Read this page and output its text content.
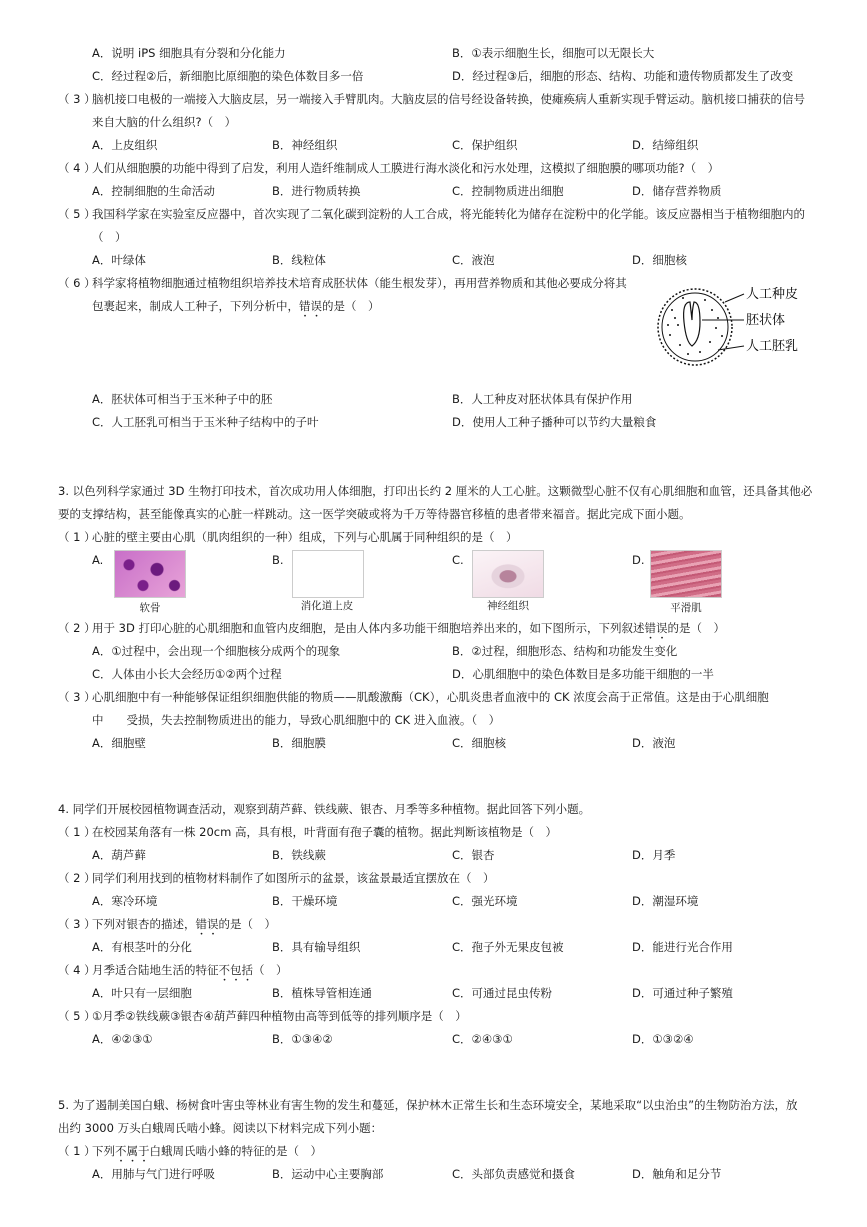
A．说明 iPS 细胞具有分裂和分化能力	B．①表示细胞生长，细胞可以无限长大
C．经过程②后，新细胞比原细胞的染色体数目多一倍	D．经过程③后，细胞的形态、结构、功能和遗传物质都发生了改变
（ 3 ）
脑机接口电极的一端接入大脑皮层，另一端接入手臂肌肉。大脑皮层的信号经设备转换，使瘫痪病人重新实现手臂运动。脑机接口捕获的信号
来自大脑的什么组织?（　）
A．上皮组织	B．神经组织	C．保护组织	D．结缔组织
（ 4 ）
人们从细胞膜的功能中得到了启发，利用人造纤维制成人工膜进行海水淡化和污水处理，这模拟了细胞膜的哪项功能?（　）
A．控制细胞的生命活动	B．进行物质转换	C．控制物质进出细胞	D．储存营养物质
（ 5 ）
我国科学家在实验室反应器中，首次实现了二氧化碳到淀粉的人工合成，将光能转化为储存在淀粉中的化学能。该反应器相当于植物细胞内的
（　）
A．叶绿体	B．线粒体	C．液泡	D．细胞核
（ 6 ）
科学家将植物细胞通过植物组织培养技术培育成胚状体（能生根发芽），再用营养物质和其他必要成分将其
包裹起来，制成人工种子，下列分析中，错误的是（　）
人工种皮
胚状体
人工胚乳
A．胚状体可相当于玉米种子中的胚	B．人工种皮对胚状体具有保护作用
C．人工胚乳可相当于玉米种子结构中的子叶	D．使用人工种子播种可以节约大量粮食
3. 以色列科学家通过 3D 生物打印技术，首次成功用人体细胞，打印出长约 2 厘米的人工心脏。这颗微型心脏不仅有心肌细胞和血管，还具备其他必
要的支撑结构，甚至能像真实的心脏一样跳动。这一医学突破或将为千万等待器官移植的患者带来福音。据此完成下面小题。
（ 1 ）
心脏的壁主要由心肌（肌肉组织的一种）组成，下列与心肌属于同种组织的是（　）
A.
软骨
B.
消化道上皮
C.
神经组织
D.
平滑肌
（ 2 ）
用于 3D 打印心脏的心肌细胞和血管内皮细胞，是由人体内多功能干细胞培养出来的，如下图所示，下列叙述错误的是（　）
A．①过程中，会出现一个细胞核分成两个的现象	B．②过程，细胞形态、结构和功能发生变化
C．人体由小长大会经历①②两个过程	D．心肌细胞中的染色体数目是多功能干细胞的一半
（ 3 ）
心肌细胞中有一种能够保证组织细胞供能的物质——肌酸激酶（CK），心肌炎患者血液中的 CK 浓度会高于正常值。这是由于心肌细胞
中　　受损，失去控制物质进出的能力，导致心肌细胞中的 CK 进入血液。（　）
A．细胞壁	B．细胞膜	C．细胞核	D．液泡
4. 同学们开展校园植物调查活动，观察到葫芦藓、铁线蕨、银杏、月季等多种植物。据此回答下列小题。
（ 1 ）
在校园某角落有一株 20cm 高，具有根，叶背面有孢子囊的植物。据此判断该植物是（　）
A．葫芦藓	B．铁线蕨	C．银杏	D．月季
（ 2 ）
同学们利用找到的植物材料制作了如图所示的盆景，该盆景最适宜摆放在（　）
A．寒冷环境	B．干燥环境	C．强光环境	D．潮湿环境
（ 3 ）
下列对银杏的描述，错误的是（　）
A．有根茎叶的分化	B．具有输导组织	C．孢子外无果皮包被	D．能进行光合作用
（ 4 ）
月季适合陆地生活的特征不包括（　）
A．叶只有一层细胞	B．植株导管相连通	C．可通过昆虫传粉	D．可通过种子繁殖
（ 5 ）
①月季②铁线蕨③银杏④葫芦藓四种植物由高等到低等的排列顺序是（　）
A．④②③①	B．①③④②	C．②④③①	D．①③②④
5. 为了遏制美国白蛾、杨树食叶害虫等林业有害生物的发生和蔓延，保护林木正常生长和生态环境安全，某地采取“以虫治虫”的生物防治方法，放
出约 3000 万头白蛾周氏啮小蜂。阅读以下材料完成下列小题：
（ 1 ）
下列不属于白蛾周氏啮小蜂的特征的是（　）
A．用肺与气门进行呼吸	B．运动中心主要胸部	C．头部负责感觉和摄食	D．触角和足分节
